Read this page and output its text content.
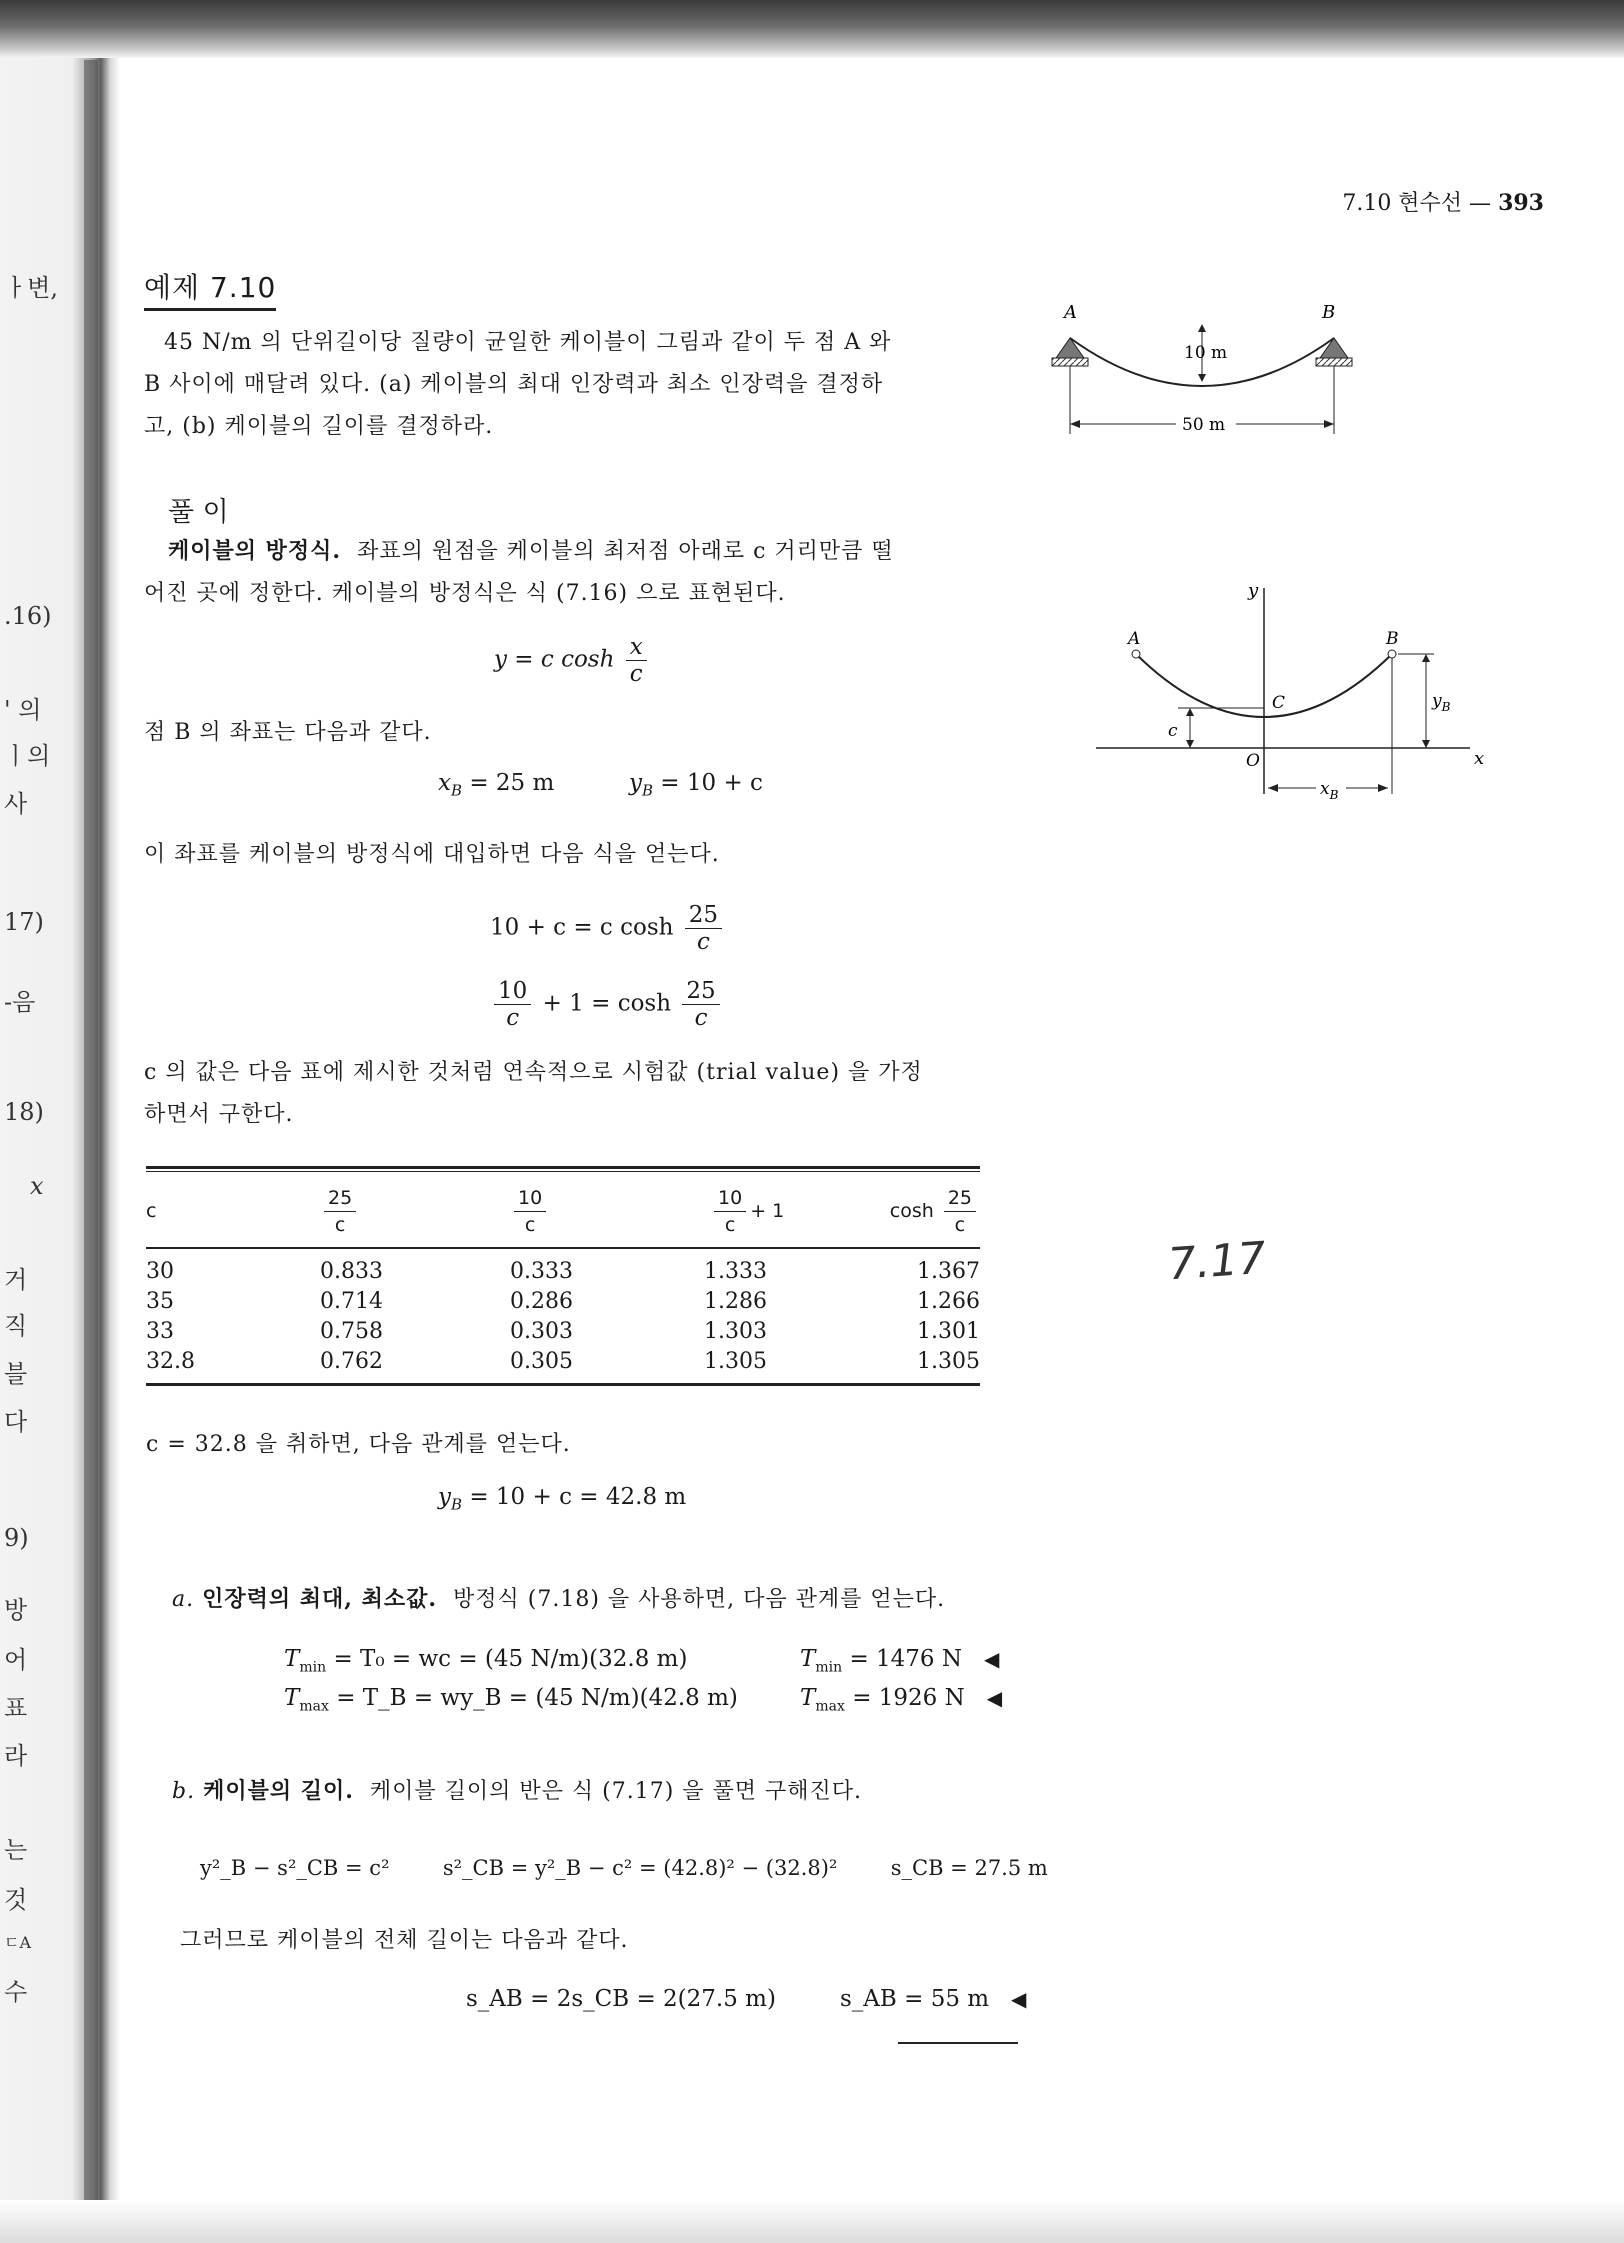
ㅏ변,
.16)
' 의
ㅣ의
사
17)
-음
18)
x
거
직
블
다
9)
방
어
표
라
는
것
ㄷA
수
7.10 현수선 — 393
예제 7.10
45 N/m 의 단위길이당 질량이 균일한 케이블이 그림과 같이 두 점 A 와
B 사이에 매달려 있다. (a) 케이블의 최대 인장력과 최소 인장력을 결정하
고, (b) 케이블의 길이를 결정하라.
A	B
10 m
50 m
풀 이
케이블의 방정식. 좌표의 원점을 케이블의 최저점 아래로 c 거리만큼 떨
어진 곳에 정한다. 케이블의 방정식은 식 (7.16) 으로 표현된다.
y = c $\cosh \frac{x}{c}$
점 B 의 좌표는 다음과 같다.
$x_B = 25$ m	$y_B = 10 + c$
이 좌표를 케이블의 방정식에 대입하면 다음 식을 얻는다.
10 + c = c $\cosh \frac{25}{c}$
$\frac{10}{c} + 1 = \cosh \frac{25}{c}$
c 의 값은 다음 표에 제시한 것처럼 연속적으로 시험값 (trial value) 을 가정
하면서 구한다.
y
x
A	B
C
O
c
$y_B$
$x_B$
c	$\frac{25}{c}$	$\frac{10}{c}$	$\frac{10}{c} + 1$	$\cosh \frac{25}{c}$
30	0.833	0.333	1.333	1.367
35	0.714	0.286	1.286	1.266
33	0.758	0.303	1.303	1.301
32.8	0.762	0.305	1.305	1.305
c = 32.8 을 취하면, 다음 관계를 얻는다.
$y_B = 10 + c = 42.8$ m
a. 인장력의 최대, 최소값. 방정식 (7.18) 을 사용하면, 다음 관계를 얻는다.
$T_{min} = T_0$ = wc = (45 N/m)(32.8 m)
$T_{max}$ = T_B = wy_B = (45 N/m)(42.8 m)
$T_{min} = 1476$ N ◀
$T_{max} = 1926$ N ◀
b. 케이블의 길이. 케이블 길이의 반은 식 (7.17) 을 풀면 구해진다.
y²_B − s²_CB = c²	s²_CB = y²_B − c² = (42.8)² − (32.8)²	s_CB = 27.5 m
그러므로 케이블의 전체 길이는 다음과 같다.
s_AB = 2s_CB = 2(27.5 m)	s_AB = 55 m ◀
7.17
